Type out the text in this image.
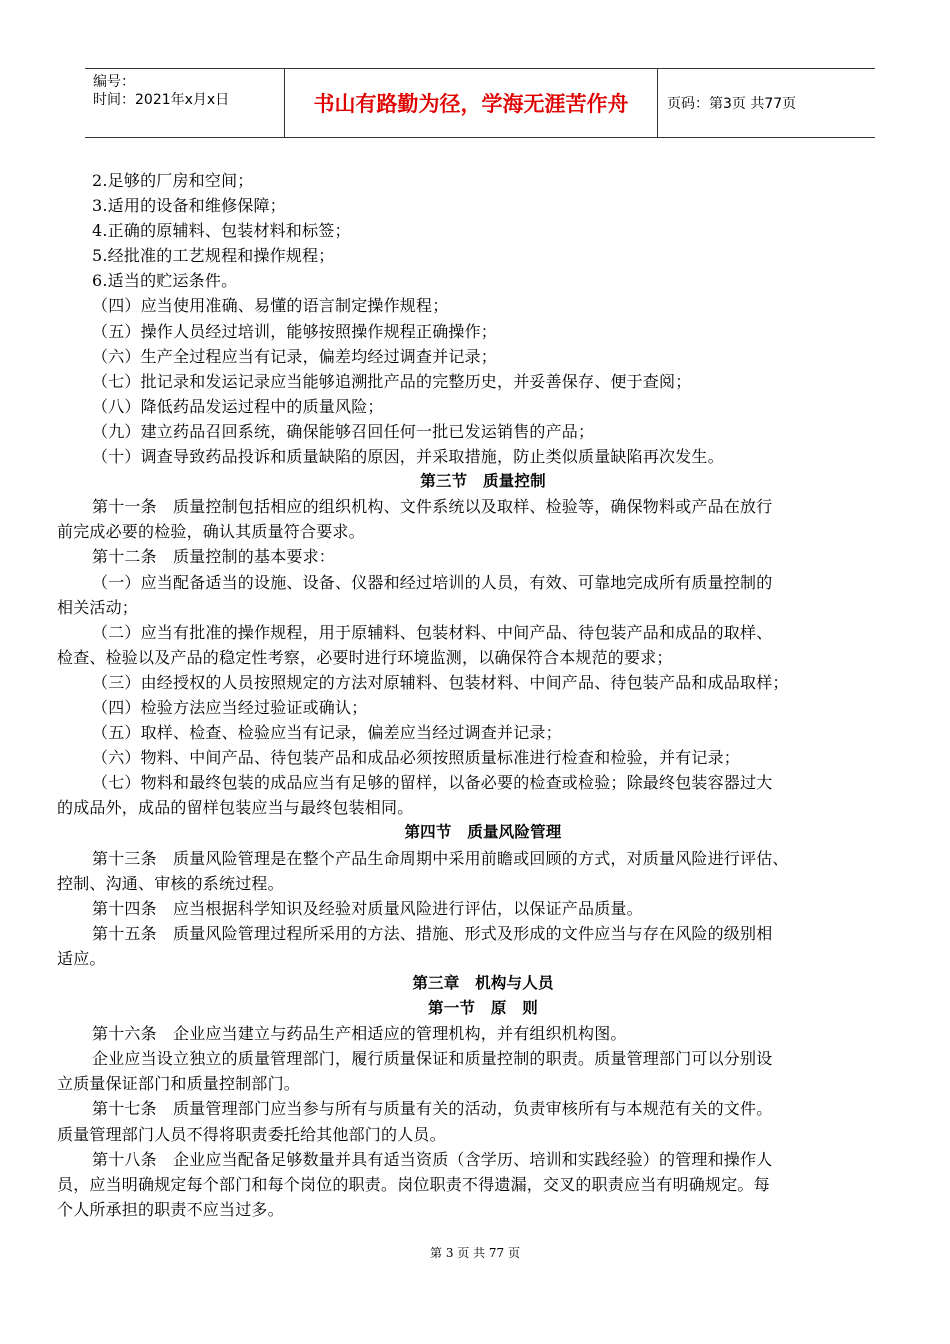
编号：
时间：2021年x月x日	书山有路勤为径，学海无涯苦作舟	页码：第3页 共77页
2.足够的厂房和空间；
3.适用的设备和维修保障；
4.正确的原辅料、包装材料和标签；
5.经批准的工艺规程和操作规程；
6.适当的贮运条件。
（四）应当使用准确、易懂的语言制定操作规程；
（五）操作人员经过培训，能够按照操作规程正确操作；
（六）生产全过程应当有记录，偏差均经过调查并记录；
（七）批记录和发运记录应当能够追溯批产品的完整历史，并妥善保存、便于查阅；
（八）降低药品发运过程中的质量风险；
（九）建立药品召回系统，确保能够召回任何一批已发运销售的产品；
（十）调查导致药品投诉和质量缺陷的原因，并采取措施，防止类似质量缺陷再次发生。
第三节　质量控制
第十一条　质量控制包括相应的组织机构、文件系统以及取样、检验等，确保物料或产品在放行
前完成必要的检验，确认其质量符合要求。
第十二条　质量控制的基本要求：
（一）应当配备适当的设施、设备、仪器和经过培训的人员，有效、可靠地完成所有质量控制的
相关活动；
（二）应当有批准的操作规程，用于原辅料、包装材料、中间产品、待包装产品和成品的取样、
检查、检验以及产品的稳定性考察，必要时进行环境监测，以确保符合本规范的要求；
（三）由经授权的人员按照规定的方法对原辅料、包装材料、中间产品、待包装产品和成品取样；
（四）检验方法应当经过验证或确认；
（五）取样、检查、检验应当有记录，偏差应当经过调查并记录；
（六）物料、中间产品、待包装产品和成品必须按照质量标准进行检查和检验，并有记录；
（七）物料和最终包装的成品应当有足够的留样，以备必要的检查或检验；除最终包装容器过大
的成品外，成品的留样包装应当与最终包装相同。
第四节　质量风险管理
第十三条　质量风险管理是在整个产品生命周期中采用前瞻或回顾的方式，对质量风险进行评估、
控制、沟通、审核的系统过程。
第十四条　应当根据科学知识及经验对质量风险进行评估，以保证产品质量。
第十五条　质量风险管理过程所采用的方法、措施、形式及形成的文件应当与存在风险的级别相
适应。
第三章　机构与人员
第一节　原　则
第十六条　企业应当建立与药品生产相适应的管理机构，并有组织机构图。
企业应当设立独立的质量管理部门，履行质量保证和质量控制的职责。质量管理部门可以分别设
立质量保证部门和质量控制部门。
第十七条　质量管理部门应当参与所有与质量有关的活动，负责审核所有与本规范有关的文件。
质量管理部门人员不得将职责委托给其他部门的人员。
第十八条　企业应当配备足够数量并具有适当资质（含学历、培训和实践经验）的管理和操作人
员，应当明确规定每个部门和每个岗位的职责。岗位职责不得遗漏，交叉的职责应当有明确规定。每
个人所承担的职责不应当过多。
第 3 页 共 77 页
